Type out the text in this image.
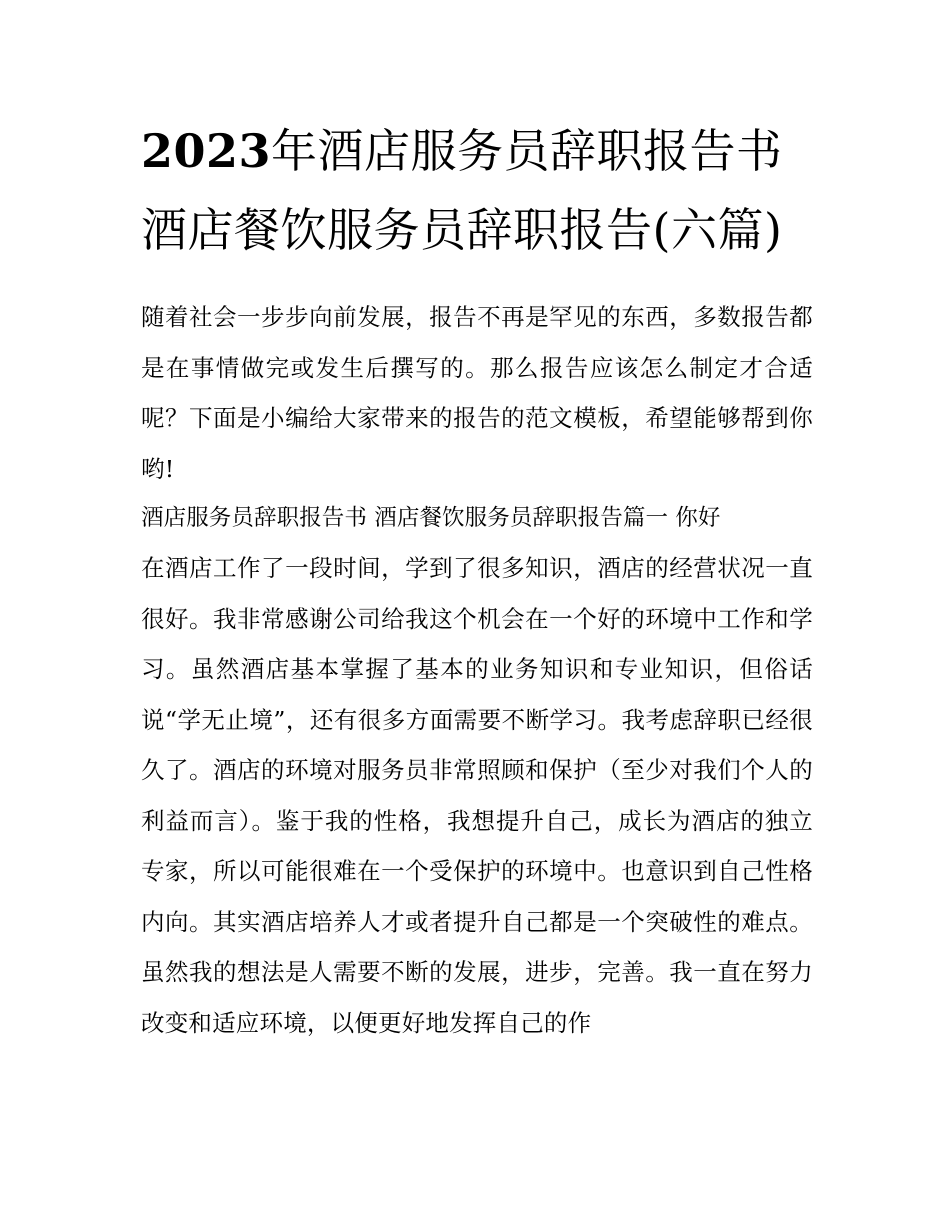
2023年酒店服务员辞职报告书酒店餐饮服务员辞职报告(六篇)

随着社会一步步向前发展，报告不再是罕见的东西，多数报告都是在事情做完或发生后撰写的。那么报告应该怎么制定才合适呢？下面是小编给大家带来的报告的范文模板，希望能够帮到你哟!

酒店服务员辞职报告书 酒店餐饮服务员辞职报告篇一 你好

在酒店工作了一段时间，学到了很多知识，酒店的经营状况一直很好。我非常感谢公司给我这个机会在一个好的环境中工作和学习。虽然酒店基本掌握了基本的业务知识和专业知识，但俗话说“学无止境”，还有很多方面需要不断学习。我考虑辞职已经很久了。酒店的环境对服务员非常照顾和保护（至少对我们个人的利益而言）。鉴于我的性格，我想提升自己，成长为酒店的独立专家，所以可能很难在一个受保护的环境中。也意识到自己性格内向。其实酒店培养人才或者提升自己都是一个突破性的难点。虽然我的想法是人需要不断的发展，进步，完善。我一直在努力改变和适应环境，以便更好地发挥自己的作
